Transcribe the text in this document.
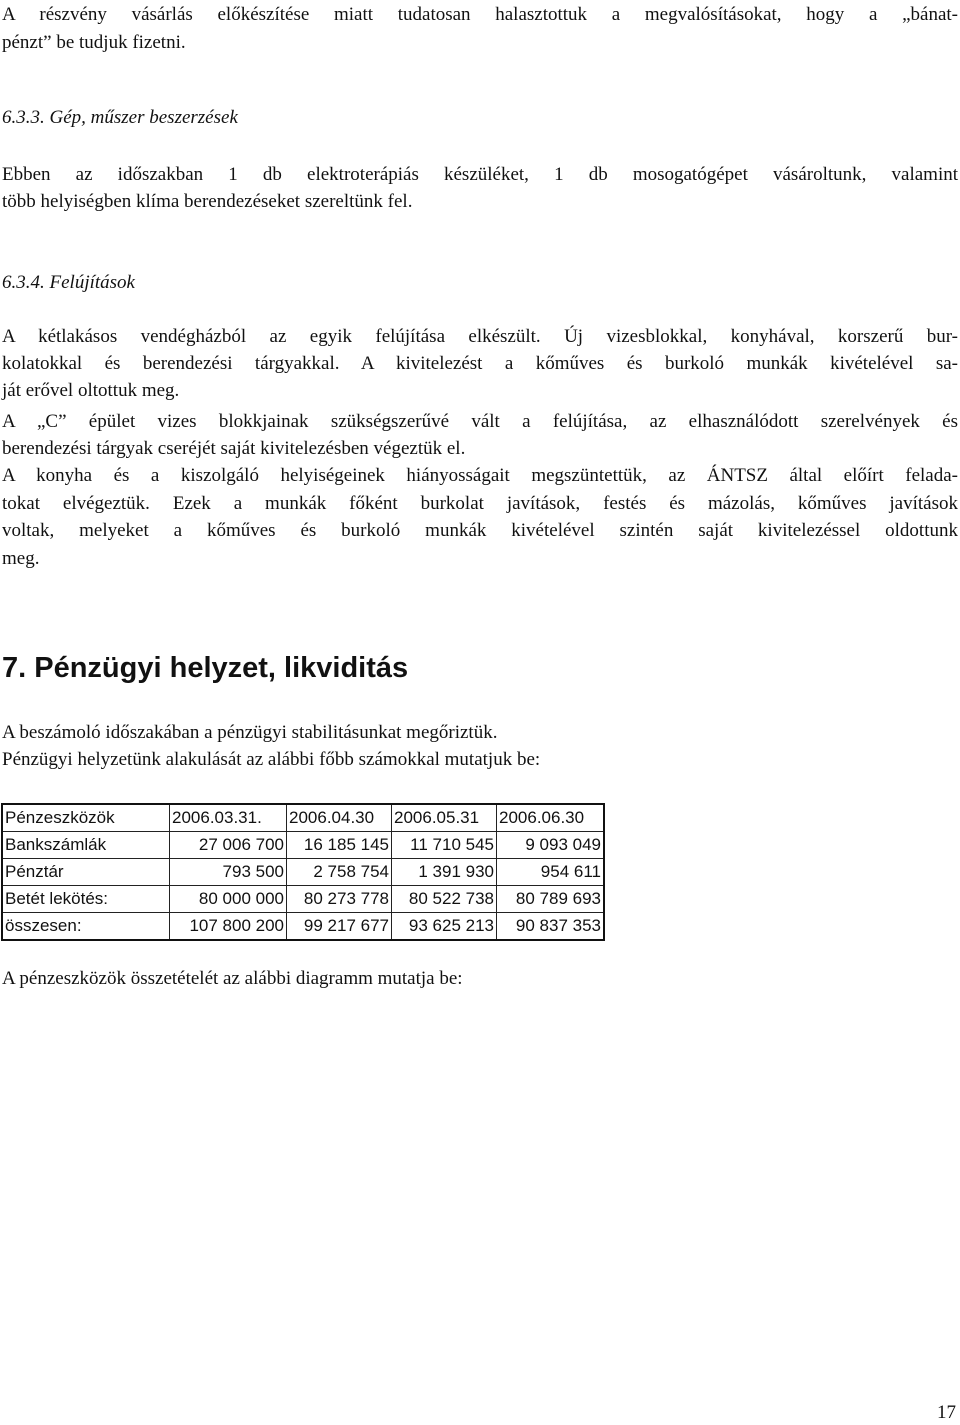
A részvény vásárlás előkészítése miatt tudatosan halasztottuk a megvalósításokat, hogy a „bánat-

pénzt” be tudjuk fizetni.

6.3.3. Gép, műszer beszerzések

Ebben az időszakban 1 db elektroterápiás készüléket, 1 db mosogatógépet vásároltunk, valamint

több helyiségben klíma berendezéseket szereltünk fel.

6.3.4. Felújítások

A kétlakásos vendégházból az egyik felújítása elkészült. Új vizesblokkal, konyhával, korszerű bur-

kolatokkal és berendezési tárgyakkal. A kivitelezést a kőműves és burkoló munkák kivételével sa-

ját erővel oltottuk meg.

A „C” épület vizes blokkjainak szükségszerűvé vált a felújítása, az elhasználódott szerelvények és

berendezési tárgyak cseréjét saját kivitelezésben végeztük el.

A konyha és a kiszolgáló helyiségeinek hiányosságait megszüntettük, az ÁNTSZ által előírt felada-

tokat elvégeztük. Ezek a munkák főként burkolat javítások, festés és mázolás, kőműves javítások

voltak, melyeket a kőműves és burkoló munkák kivételével szintén saját kivitelezéssel oldottunk

meg.

7. Pénzügyi helyzet, likviditás

A beszámoló időszakában a pénzügyi stabilitásunkat megőriztük.

Pénzügyi helyzetünk alakulását az alábbi főbb számokkal mutatjuk be:

Pénzeszközök	2006.03.31.	2006.04.30	2006.05.31	2006.06.30
Bankszámlák	27 006 700	16 185 145	11 710 545	9 093 049
Pénztár	793 500	2 758 754	1 391 930	954 611
Betét lekötés:	80 000 000	80 273 778	80 522 738	80 789 693
összesen:	107 800 200	99 217 677	93 625 213	90 837 353

A pénzeszközök összetételét az alábbi diagramm mutatja be:

17
